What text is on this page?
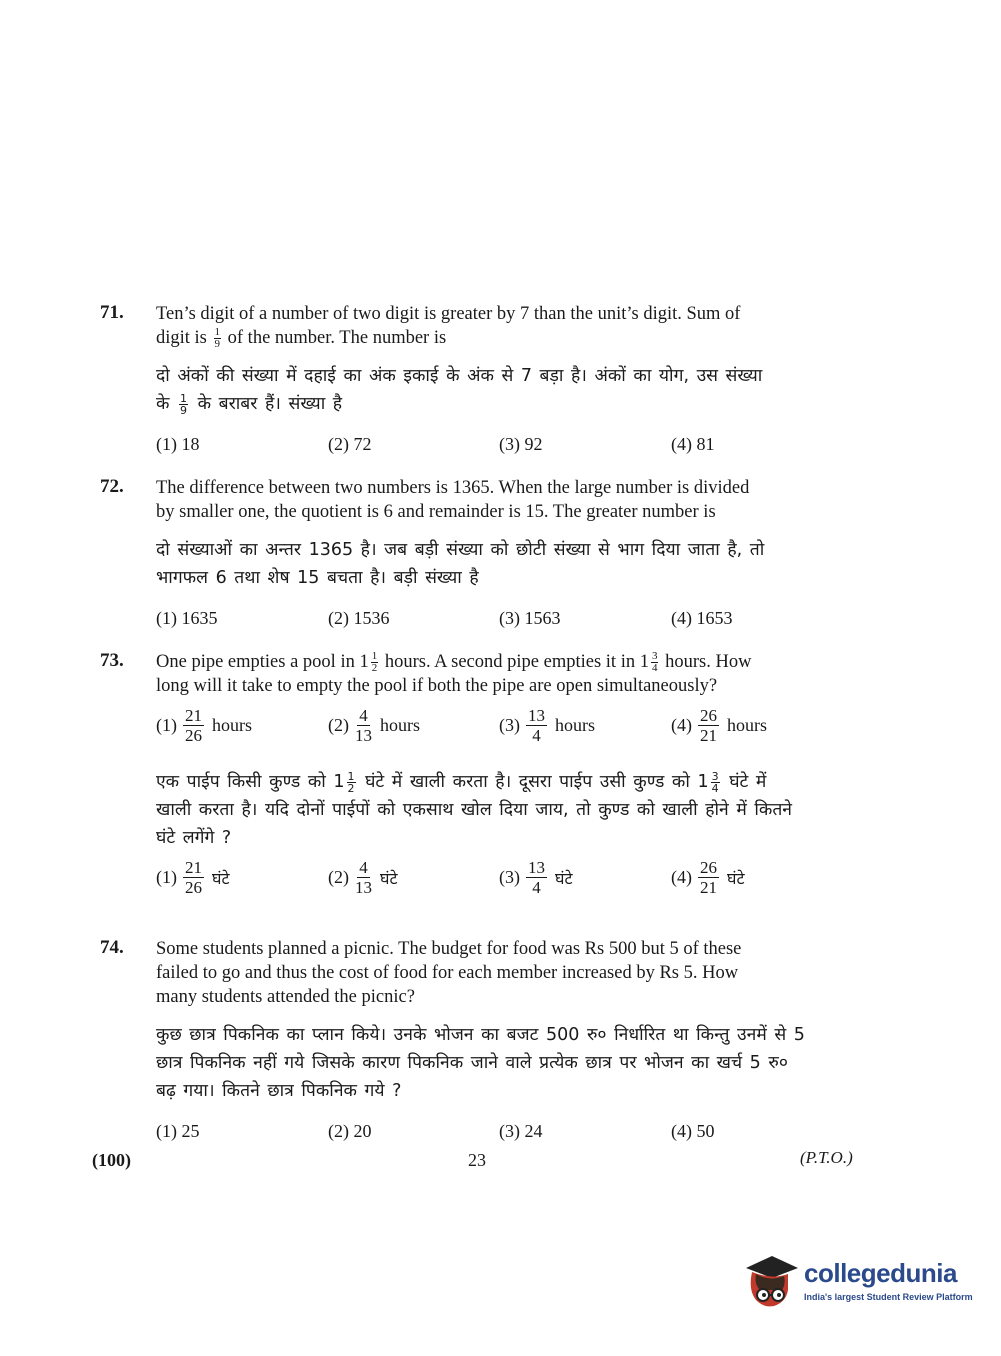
71. Ten’s digit of a number of two digit is greater by 7 than the unit’s digit. Sum of
digit is $\frac{1}{9}$ of the number. The number is
दो अंकों की संख्या में दहाई का अंक इकाई के अंक से 7 बड़ा है। अंकों का योग, उस संख्या
के $\frac{1}{9}$ के बराबर हैं। संख्या है
(1) 18	(2) 72	(3) 92	(4) 81
72. The difference between two numbers is 1365. When the large number is divided
by smaller one, the quotient is 6 and remainder is 15. The greater number is
दो संख्याओं का अन्तर 1365 है। जब बड़ी संख्या को छोटी संख्या से भाग दिया जाता है, तो
भागफल 6 तथा शेष 15 बचता है। बड़ी संख्या है
(1) 1635	(2) 1536	(3) 1563	(4) 1653
73. One pipe empties a pool in $1 \frac{1}{2}$ hours. A second pipe empties it in $1 \frac{3}{4}$ hours. How
long will it take to empty the pool if both the pipe are open simultaneously?
$(1) \frac{21}{26}$ hours	$(2) \frac{4}{13}$ hours	$(3) \frac{13}{4}$ hours	$(4) \frac{26}{21}$ hours
एक पाईप किसी कुण्ड को $1 \frac{1}{2}$ घंटे में खाली करता है। दूसरा पाईप उसी कुण्ड को $1 \frac{3}{4}$ घंटे में
खाली करता है। यदि दोनों पाईपों को एकसाथ खोल दिया जाय, तो कुण्ड को खाली होने में कितने
घंटे लगेंगे ?
$(1) \frac{21}{26}$ घंटे	$(2) \frac{4}{13}$ घंटे	$(3) \frac{13}{4}$ घंटे	$(4) \frac{26}{21}$ घंटे
74. Some students planned a picnic. The budget for food was Rs 500 but 5 of these
failed to go and thus the cost of food for each member increased by Rs 5. How
many students attended the picnic?
कुछ छात्र पिकनिक का प्लान किये। उनके भोजन का बजट 500 रु० निर्धारित था किन्तु उनमें से 5
छात्र पिकनिक नहीं गये जिसके कारण पिकनिक जाने वाले प्रत्येक छात्र पर भोजन का खर्च 5 रु०
बढ़ गया। कितने छात्र पिकनिक गये ?
(1) 25	(2) 20	(3) 24	(4) 50
(100)	23	(P.T.O.)
collegedunia
India's largest Student Review Platform
